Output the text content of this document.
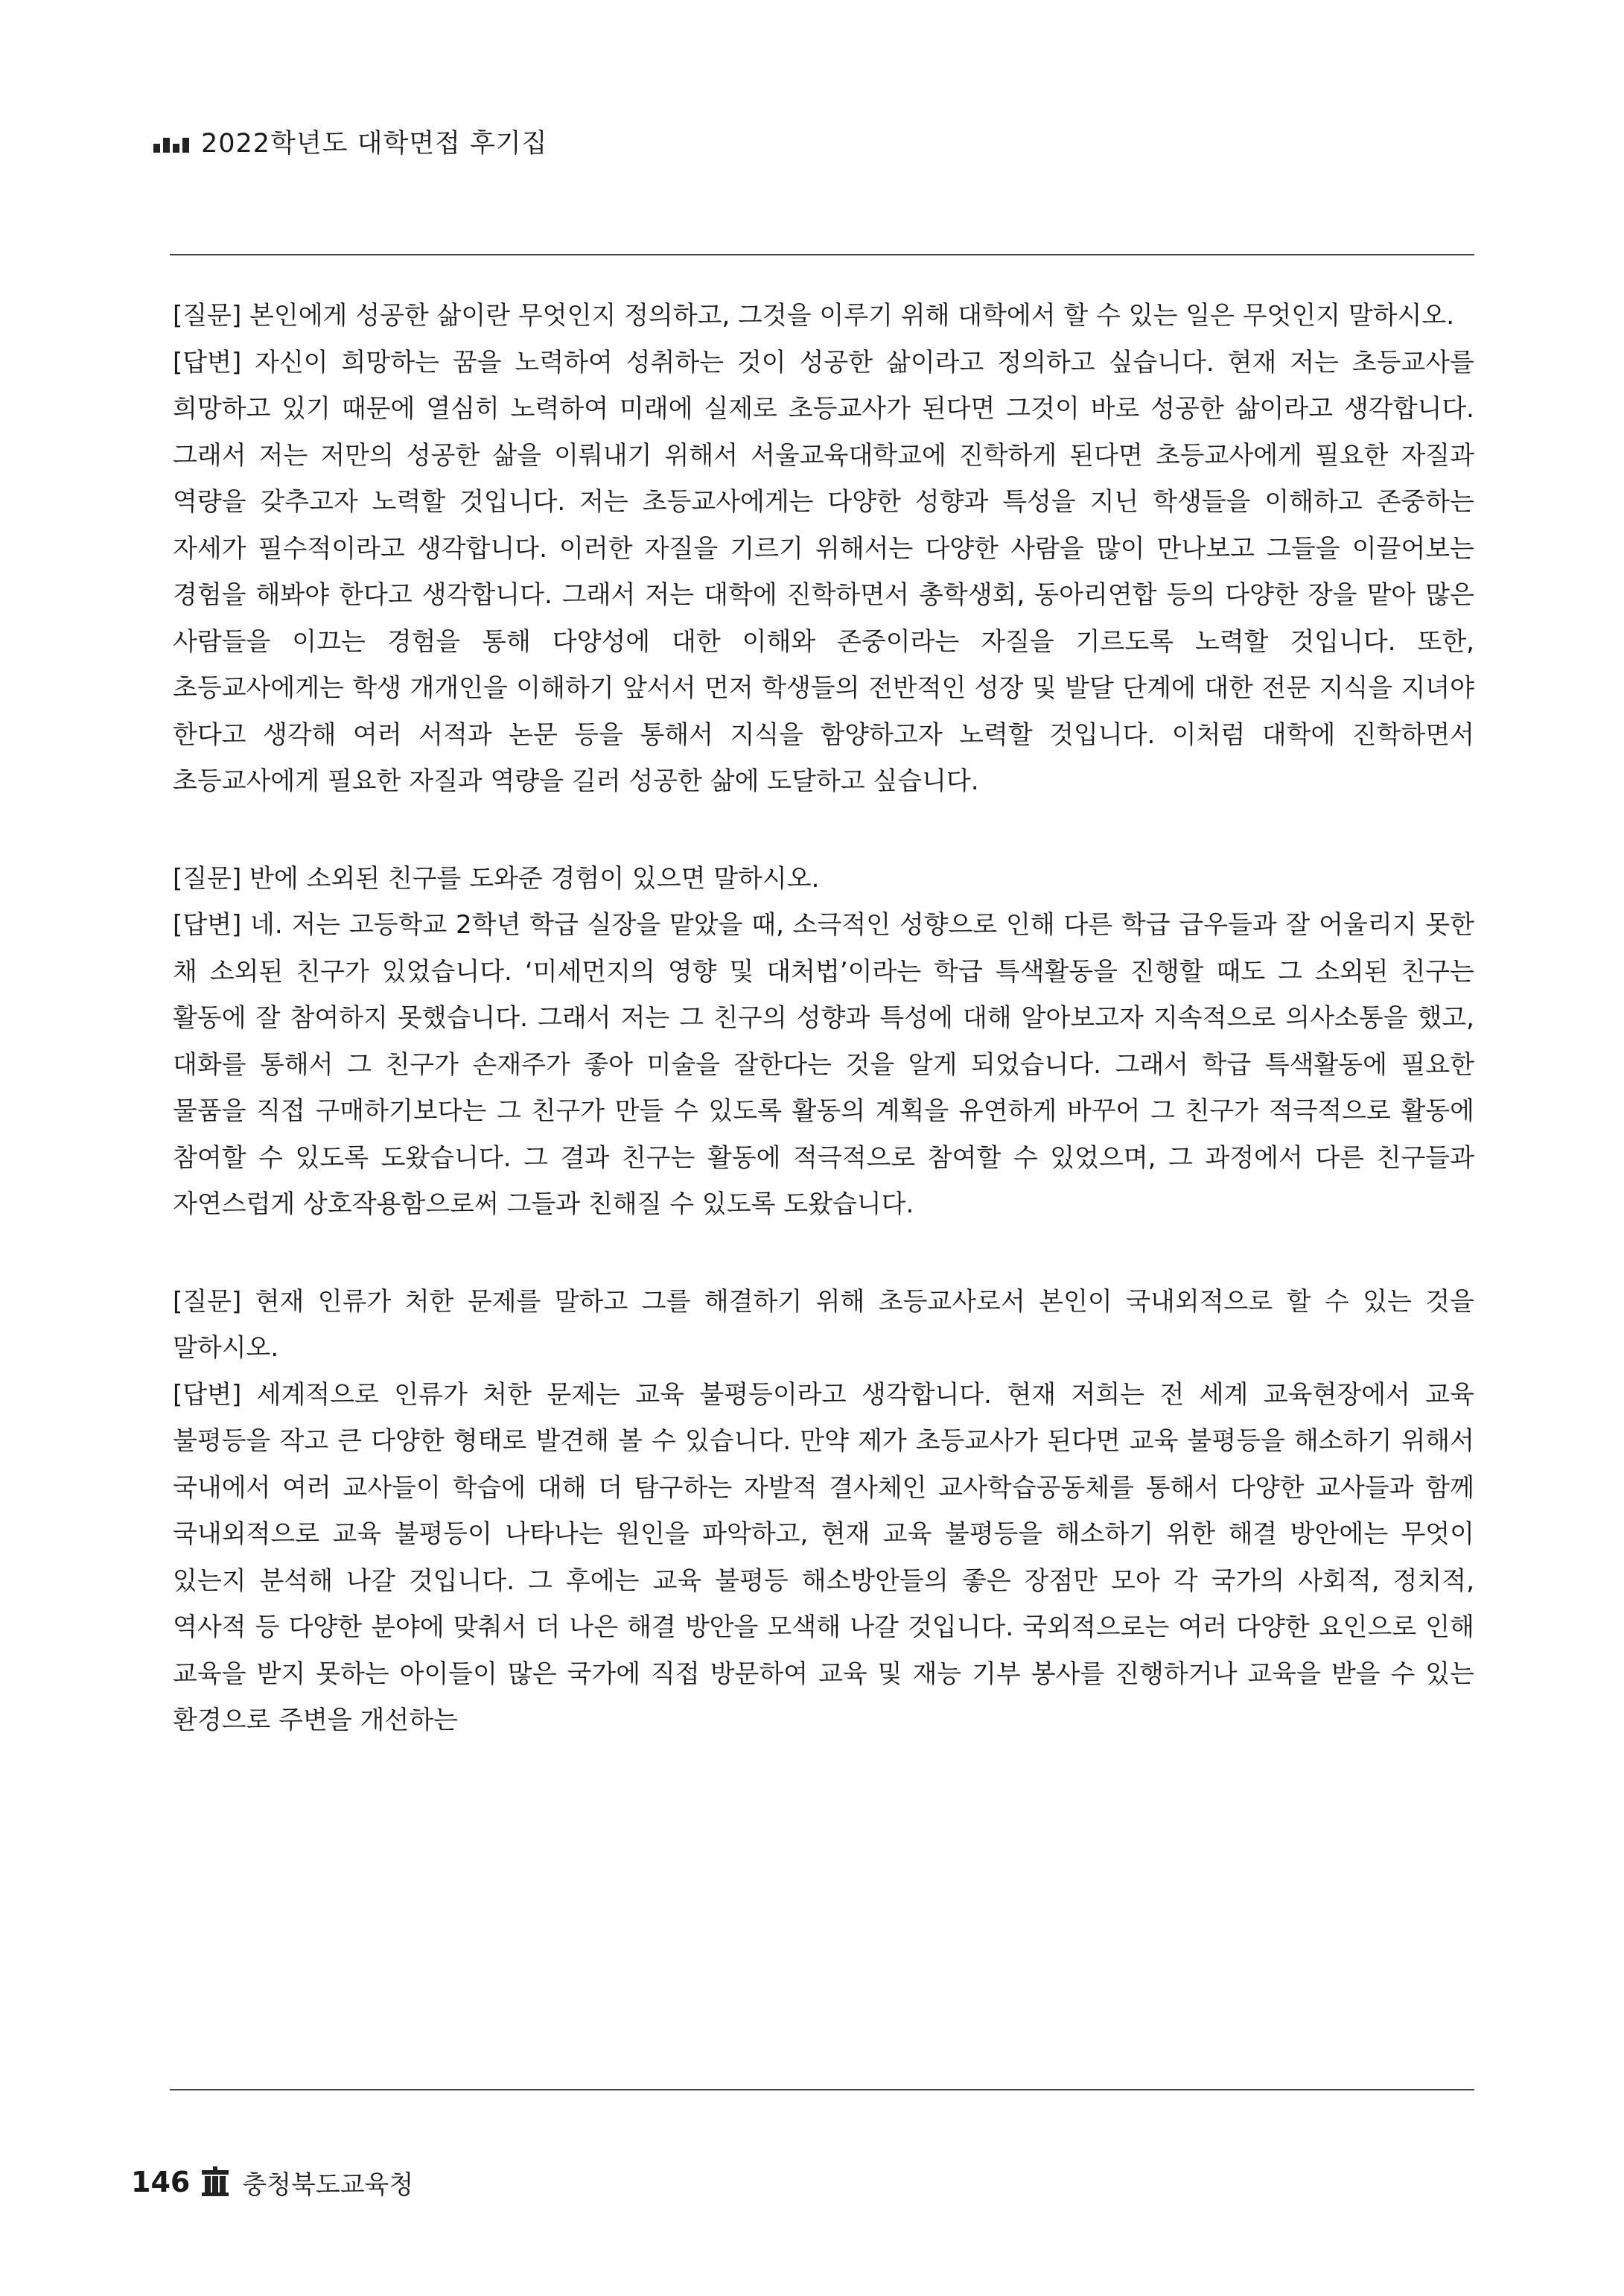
2022학년도 대학면접 후기집

[질문] 본인에게 성공한 삶이란 무엇인지 정의하고, 그것을 이루기 위해 대학에서 할 수 있는 일은 무엇인지 말하시오.

[답변] 자신이 희망하는 꿈을 노력하여 성취하는 것이 성공한 삶이라고 정의하고 싶습니다. 현재 저는 초등교사를 희망하고 있기 때문에 열심히 노력하여 미래에 실제로 초등교사가 된다면 그것이 바로 성공한 삶이라고 생각합니다. 그래서 저는 저만의 성공한 삶을 이뤄내기 위해서 서울교육대학교에 진학하게 된다면 초등교사에게 필요한 자질과 역량을 갖추고자 노력할 것입니다. 저는 초등교사에게는 다양한 성향과 특성을 지닌 학생들을 이해하고 존중하는 자세가 필수적이라고 생각합니다. 이러한 자질을 기르기 위해서는 다양한 사람을 많이 만나보고 그들을 이끌어보는 경험을 해봐야 한다고 생각합니다. 그래서 저는 대학에 진학하면서 총학생회, 동아리연합 등의 다양한 장을 맡아 많은 사람들을 이끄는 경험을 통해 다양성에 대한 이해와 존중이라는 자질을 기르도록 노력할 것입니다. 또한, 초등교사에게는 학생 개개인을 이해하기 앞서서 먼저 학생들의 전반적인 성장 및 발달 단계에 대한 전문 지식을 지녀야 한다고 생각해 여러 서적과 논문 등을 통해서 지식을 함양하고자 노력할 것입니다. 이처럼 대학에 진학하면서 초등교사에게 필요한 자질과 역량을 길러 성공한 삶에 도달하고 싶습니다.

[질문] 반에 소외된 친구를 도와준 경험이 있으면 말하시오.

[답변] 네. 저는 고등학교 2학년 학급 실장을 맡았을 때, 소극적인 성향으로 인해 다른 학급 급우들과 잘 어울리지 못한 채 소외된 친구가 있었습니다. ‘미세먼지의 영향 및 대처법’이라는 학급 특색활동을 진행할 때도 그 소외된 친구는 활동에 잘 참여하지 못했습니다. 그래서 저는 그 친구의 성향과 특성에 대해 알아보고자 지속적으로 의사소통을 했고, 대화를 통해서 그 친구가 손재주가 좋아 미술을 잘한다는 것을 알게 되었습니다. 그래서 학급 특색활동에 필요한 물품을 직접 구매하기보다는 그 친구가 만들 수 있도록 활동의 계획을 유연하게 바꾸어 그 친구가 적극적으로 활동에 참여할 수 있도록 도왔습니다. 그 결과 친구는 활동에 적극적으로 참여할 수 있었으며, 그 과정에서 다른 친구들과 자연스럽게 상호작용함으로써 그들과 친해질 수 있도록 도왔습니다.

[질문] 현재 인류가 처한 문제를 말하고 그를 해결하기 위해 초등교사로서 본인이 국내외적으로 할 수 있는 것을 말하시오.

[답변] 세계적으로 인류가 처한 문제는 교육 불평등이라고 생각합니다. 현재 저희는 전 세계 교육현장에서 교육 불평등을 작고 큰 다양한 형태로 발견해 볼 수 있습니다. 만약 제가 초등교사가 된다면 교육 불평등을 해소하기 위해서 국내에서 여러 교사들이 학습에 대해 더 탐구하는 자발적 결사체인 교사학습공동체를 통해서 다양한 교사들과 함께 국내외적으로 교육 불평등이 나타나는 원인을 파악하고, 현재 교육 불평등을 해소하기 위한 해결 방안에는 무엇이 있는지 분석해 나갈 것입니다. 그 후에는 교육 불평등 해소방안들의 좋은 장점만 모아 각 국가의 사회적, 정치적, 역사적 등 다양한 분야에 맞춰서 더 나은 해결 방안을 모색해 나갈 것입니다. 국외적으로는 여러 다양한 요인으로 인해 교육을 받지 못하는 아이들이 많은 국가에 직접 방문하여 교육 및 재능 기부 봉사를 진행하거나 교육을 받을 수 있는 환경으로 주변을 개선하는

146 충청북도교육청
